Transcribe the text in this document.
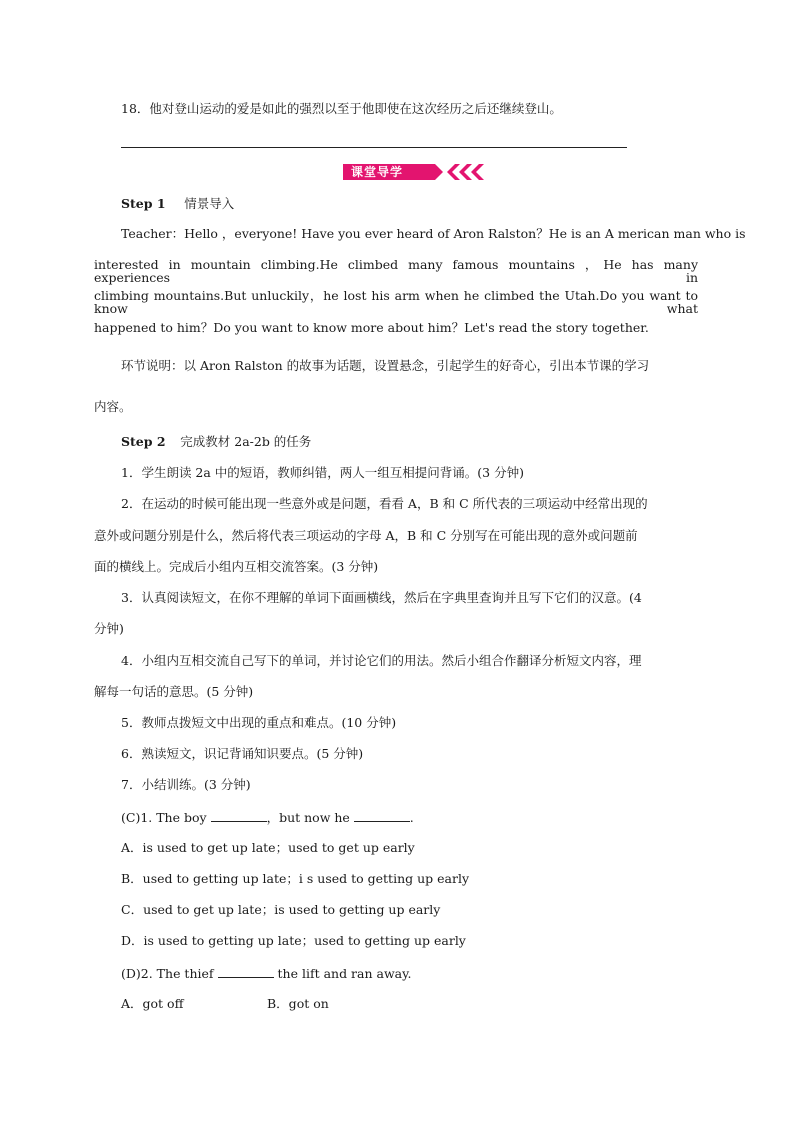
18．他对登山运动的爱是如此的强烈以至于他即使在这次经历之后还继续登山。
课堂导学
Step 1 情景导入
Teacher：Hello ，everyone! Have you ever heard of Aron Ralston？He is an A merican man who is
interested in mountain climbing.He climbed many famous mountains ，He has many experiences in
climbing mountains.But unluckily，he lost his arm when he climbed the Utah.Do you want to know what
happened to him？Do you want to know more about him？Let's read the story together.
环节说明：以 Aron Ralston 的故事为话题，设置悬念，引起学生的好奇心，引出本节课的学习
内容。
Step 2 完成教材 2a-2b 的任务
1．学生朗读 2a 中的短语，教师纠错，两人一组互相提问背诵。(3 分钟)
2．在运动的时候可能出现一些意外或是问题，看看 A，B 和 C 所代表的三项运动中经常出现的
意外或问题分别是什么，然后将代表三项运动的字母 A，B 和 C 分别写在可能出现的意外或问题前
面的横线上。完成后小组内互相交流答案。(3 分钟)
3．认真阅读短文，在你不理解的单词下面画横线，然后在字典里查询并且写下它们的汉意。(4
分钟)
4．小组内互相交流自己写下的单词，并讨论它们的用法。然后小组合作翻译分析短文内容，理
解每一句话的意思。(5 分钟)
5．教师点拨短文中出现的重点和难点。(10 分钟)
6．熟读短文，识记背诵知识要点。(5 分钟)
7．小结训练。(3 分钟)
(C)1. The boy	，but now he	.
A．is used to get up late；used to get up early
B．used to getting up late；i s used to getting up early
C．used to get up late；is used to getting up early
D．is used to getting up late；used to getting up early
(D)2. The thief	the lift and ran away.
A．got off	B．got on
